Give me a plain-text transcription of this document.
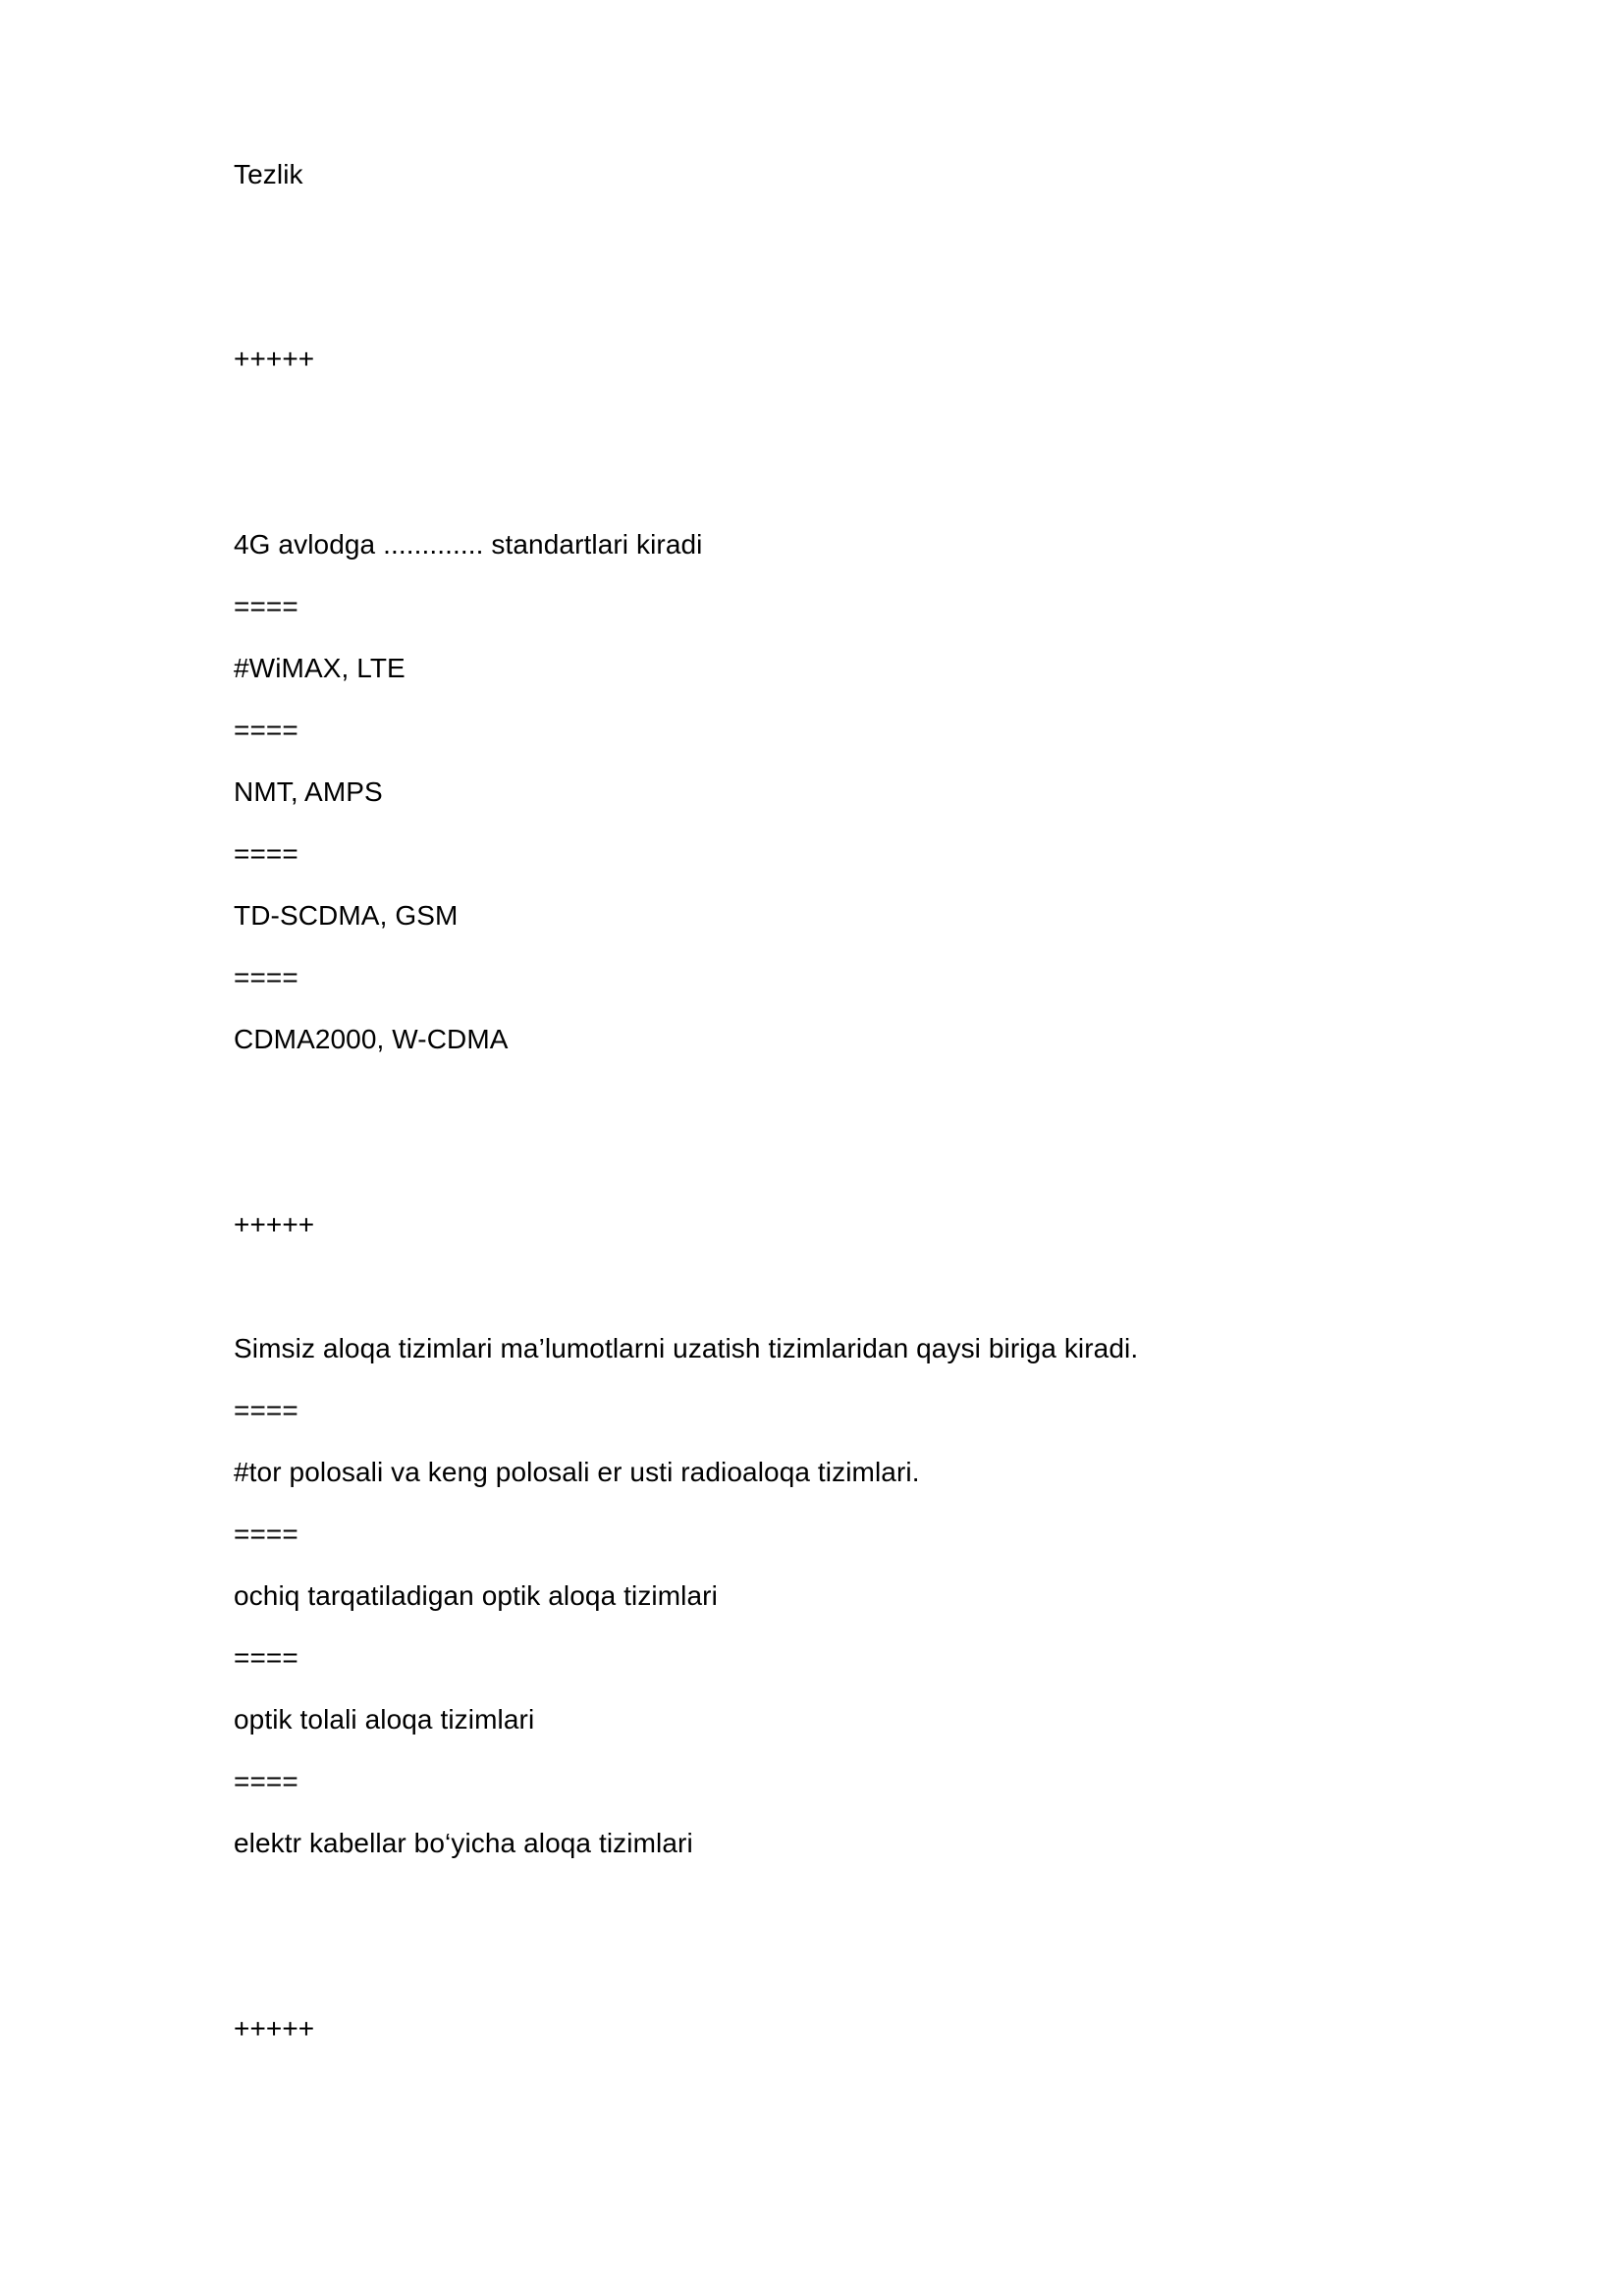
Tezlik
+++++
4G avlodga ............. standartlari kiradi
====
#WiMAX, LTE
====
NMT, AMPS
====
TD-SCDMA, GSM
====
CDMA2000, W-CDMA
+++++
Simsiz aloqa tizimlari ma’lumotlarni uzatish tizimlaridan qaysi biriga kiradi.
====
#tor polosali va keng polosali er usti radioaloqa tizimlari.
====
ochiq tarqatiladigan optik aloqa tizimlari
====
optik tolali aloqa tizimlari
====
elektr kabellar bo‘yicha aloqa tizimlari
+++++
